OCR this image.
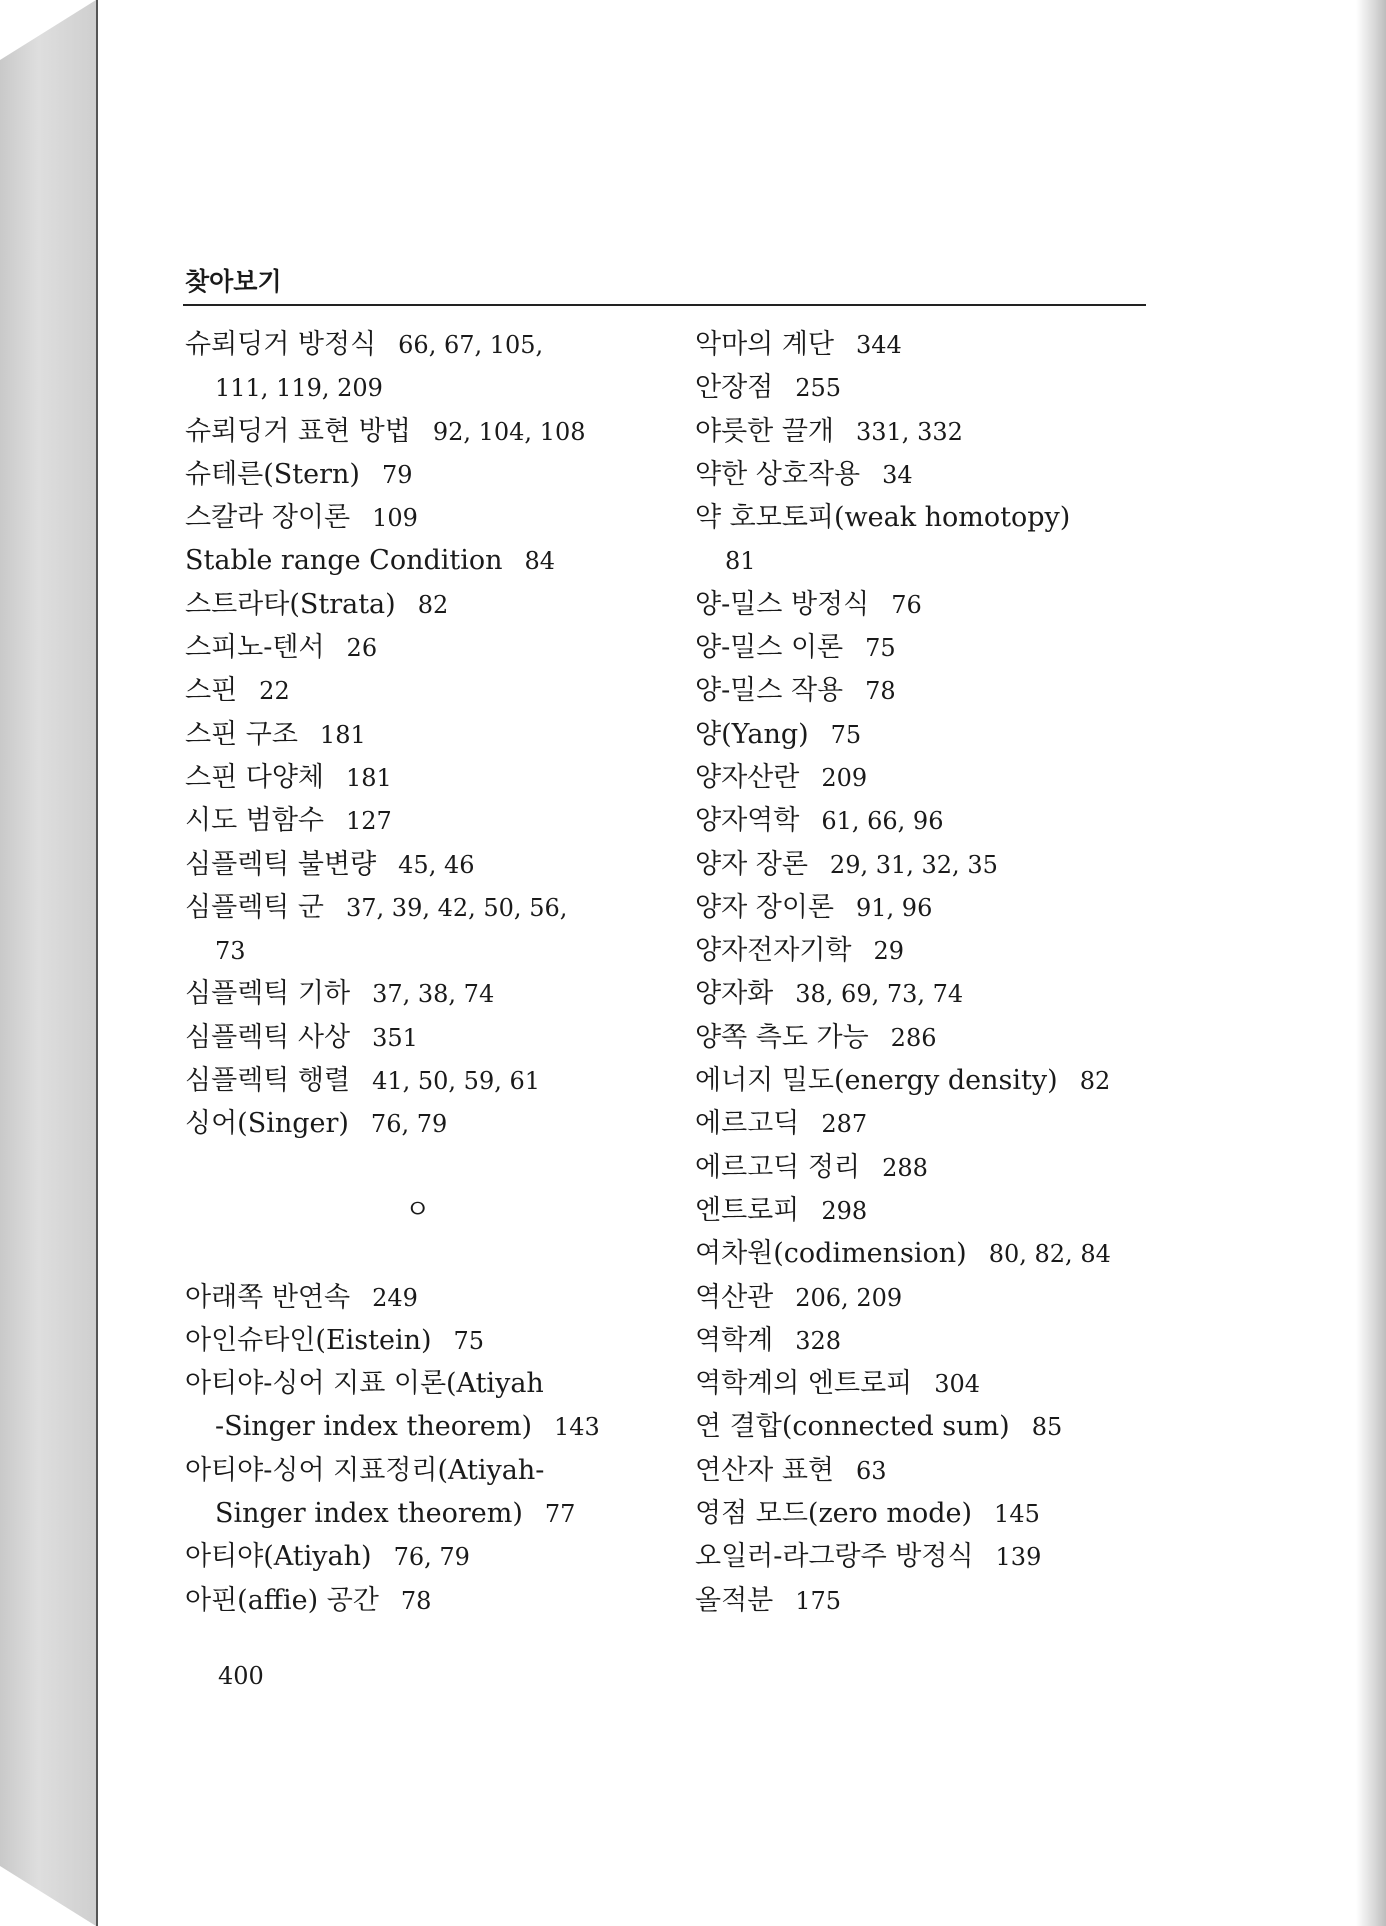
찾아보기
슈뢰딩거 방정식 66, 67, 105,
111, 119, 209
슈뢰딩거 표현 방법 92, 104, 108
슈테른(Stern) 79
스칼라 장이론 109
Stable range Condition 84
스트라타(Strata) 82
스피노-텐서 26
스핀 22
스핀 구조 181
스핀 다양체 181
시도 범함수 127
심플렉틱 불변량 45, 46
심플렉틱 군 37, 39, 42, 50, 56,
73
심플렉틱 기하 37, 38, 74
심플렉틱 사상 351
심플렉틱 행렬 41, 50, 59, 61
싱어(Singer) 76, 79
ㅇ
아래쪽 반연속 249
아인슈타인(Eistein) 75
아티야-싱어 지표 이론(Atiyah
-Singer index theorem) 143
아티야-싱어 지표정리(Atiyah-
Singer index theorem) 77
아티야(Atiyah) 76, 79
아핀(affie) 공간 78
악마의 계단 344
안장점 255
야릇한 끌개 331, 332
약한 상호작용 34
약 호모토피(weak homotopy)
81
양-밀스 방정식 76
양-밀스 이론 75
양-밀스 작용 78
양(Yang) 75
양자산란 209
양자역학 61, 66, 96
양자 장론 29, 31, 32, 35
양자 장이론 91, 96
양자전자기학 29
양자화 38, 69, 73, 74
양쪽 측도 가능 286
에너지 밀도(energy density) 82
에르고딕 287
에르고딕 정리 288
엔트로피 298
여차원(codimension) 80, 82, 84
역산관 206, 209
역학계 328
역학계의 엔트로피 304
연 결합(connected sum) 85
연산자 표현 63
영점 모드(zero mode) 145
오일러-라그랑주 방정식 139
올적분 175

400
